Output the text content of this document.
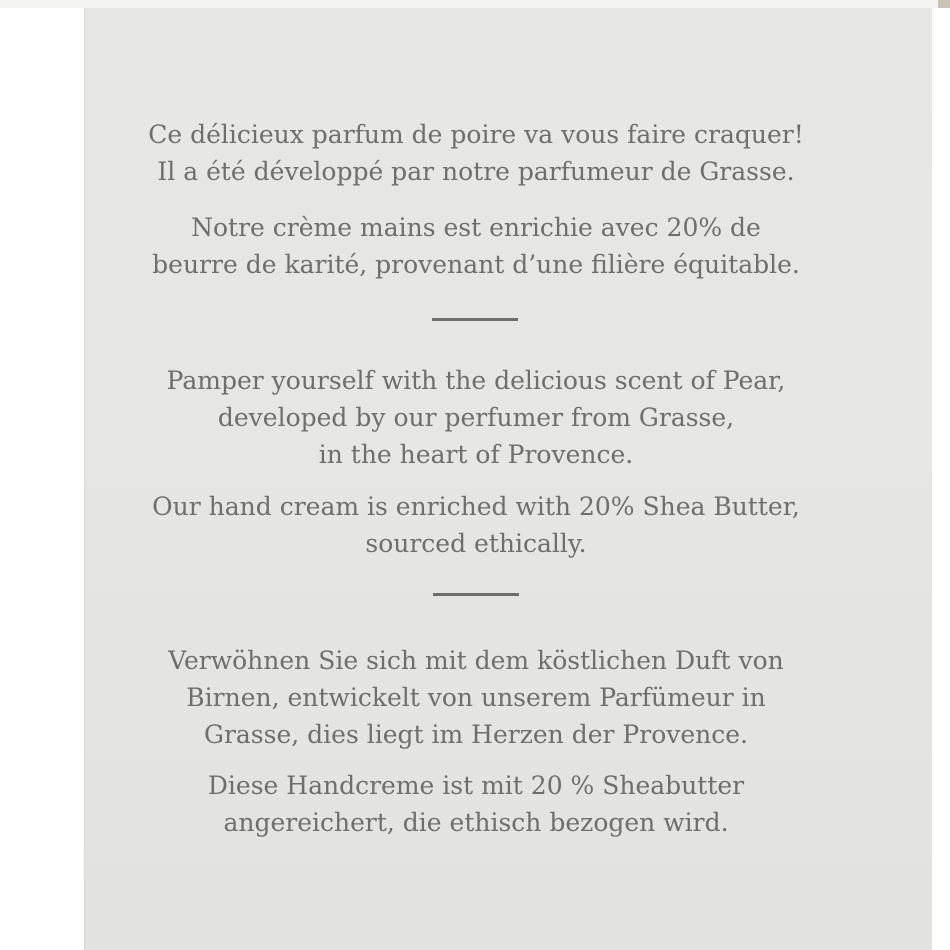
Ce délicieux parfum de poire va vous faire craquer!
Il a été développé par notre parfumeur de Grasse.
Notre crème mains est enrichie avec 20% de
beurre de karité, provenant d’une filière équitable.
Pamper yourself with the delicious scent of Pear,
developed by our perfumer from Grasse,
in the heart of Provence.
Our hand cream is enriched with 20% Shea Butter,
sourced ethically.
Verwöhnen Sie sich mit dem köstlichen Duft von
Birnen, entwickelt von unserem Parfümeur in
Grasse, dies liegt im Herzen der Provence.
Diese Handcreme ist mit 20 % Sheabutter
angereichert, die ethisch bezogen wird.
